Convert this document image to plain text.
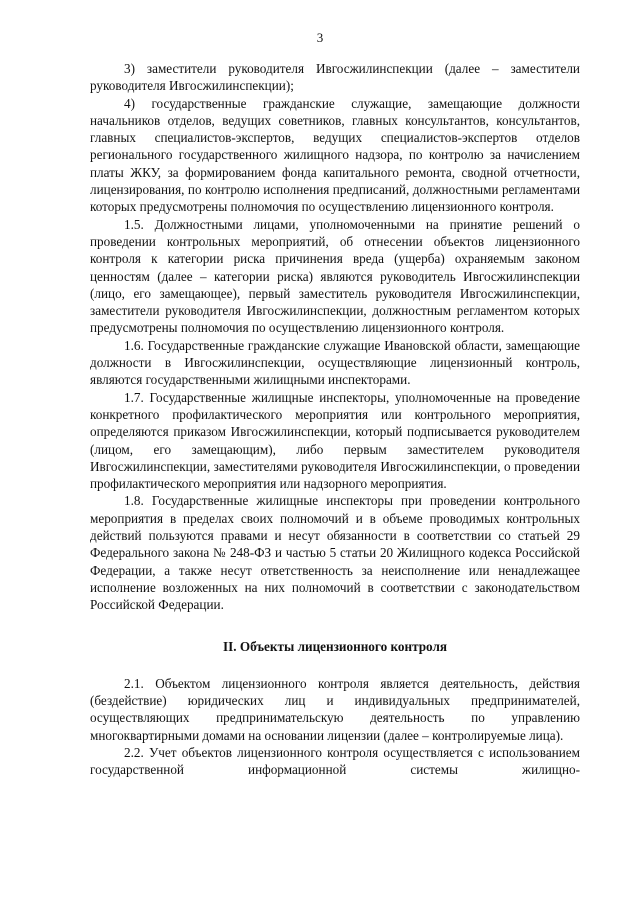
3

3) заместители руководителя Ивгосжилинспекции (далее – заместители руководителя Ивгосжилинспекции);

4) государственные гражданские служащие, замещающие должности начальников отделов, ведущих советников, главных консультантов, консультантов, главных специалистов-экспертов, ведущих специалистов-экспертов отделов регионального государственного жилищного надзора, по контролю за начислением платы ЖКУ, за формированием фонда капитального ремонта, сводной отчетности, лицензирования, по контролю исполнения предписаний, должностными регламентами которых предусмотрены полномочия по осуществлению лицензионного контроля.

1.5. Должностными лицами, уполномоченными на принятие решений о проведении контрольных мероприятий, об отнесении объектов лицензионного контроля к категории риска причинения вреда (ущерба) охраняемым законом ценностям (далее – категории риска) являются руководитель Ивгосжилинспекции (лицо, его замещающее), первый заместитель руководителя Ивгосжилинспекции, заместители руководителя Ивгосжилинспекции, должностным регламентом которых предусмотрены полномочия по осуществлению лицензионного контроля.

1.6. Государственные гражданские служащие Ивановской области, замещающие должности в Ивгосжилинспекции, осуществляющие лицензионный контроль, являются государственными жилищными инспекторами.

1.7. Государственные жилищные инспекторы, уполномоченные на проведение конкретного профилактического мероприятия или контрольного мероприятия, определяются приказом Ивгосжилинспекции, который подписывается руководителем (лицом, его замещающим), либо первым заместителем руководителя Ивгосжилинспекции, заместителями руководителя Ивгосжилинспекции, о проведении профилактического мероприятия или надзорного мероприятия.

1.8. Государственные жилищные инспекторы при проведении контрольного мероприятия в пределах своих полномочий и в объеме проводимых контрольных действий пользуются правами и несут обязанности в соответствии со статьей 29 Федерального закона № 248-ФЗ и частью 5 статьи 20 Жилищного кодекса Российской Федерации, а также несут ответственность за неисполнение или ненадлежащее исполнение возложенных на них полномочий в соответствии с законодательством Российской Федерации.

II. Объекты лицензионного контроля

2.1. Объектом лицензионного контроля является деятельность, действия (бездействие) юридических лиц и индивидуальных предпринимателей, осуществляющих предпринимательскую деятельность по управлению многоквартирными домами на основании лицензии (далее – контролируемые лица).

2.2. Учет объектов лицензионного контроля осуществляется с использованием государственной информационной системы жилищно-
